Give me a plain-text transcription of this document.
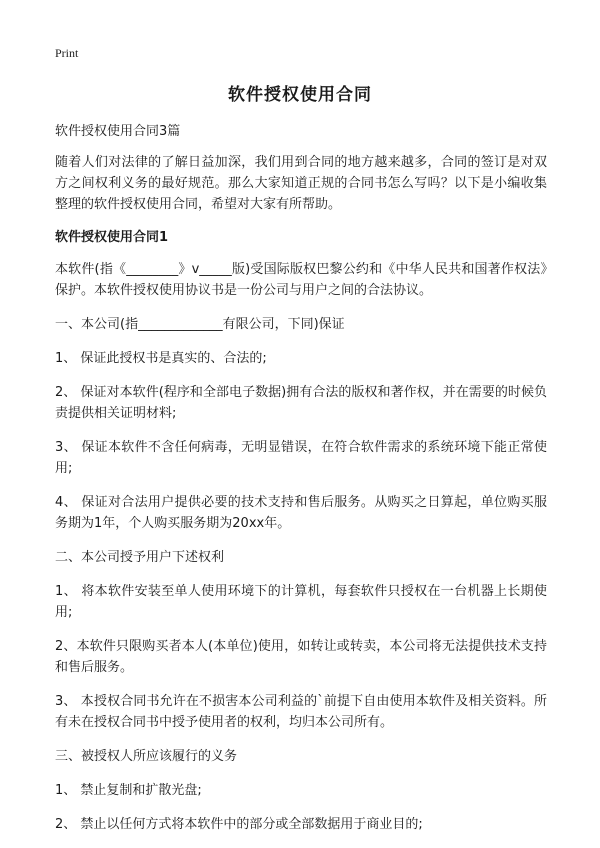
Print
软件授权使用合同

软件授权使用合同3篇

随着人们对法律的了解日益加深，我们用到合同的地方越来越多，合同的签订是对双方之间权利义务的最好规范。那么大家知道正规的合同书怎么写吗？以下是小编收集整理的软件授权使用合同，希望对大家有所帮助。

软件授权使用合同1

本软件(指《________》v_____版)受国际版权巴黎公约和《中华人民共和国著作权法》保护。本软件授权使用协议书是一份公司与用户之间的合法协议。

一、本公司(指_____________有限公司，下同)保证

1、 保证此授权书是真实的、合法的;

2、 保证对本软件(程序和全部电子数据)拥有合法的版权和著作权，并在需要的时候负责提供相关证明材料;

3、 保证本软件不含任何病毒，无明显错误，在符合软件需求的系统环境下能正常使用;

4、 保证对合法用户提供必要的技术支持和售后服务。从购买之日算起，单位购买服务期为1年，个人购买服务期为20xx年。

二、本公司授予用户下述权利

1、 将本软件安装至单人使用环境下的计算机，每套软件只授权在一台机器上长期使用;

2、本软件只限购买者本人(本单位)使用，如转让或转卖，本公司将无法提供技术支持和售后服务。

3、 本授权合同书允许在不损害本公司利益的`前提下自由使用本软件及相关资料。所有未在授权合同书中授予使用者的权利，均归本公司所有。

三、被授权人所应该履行的义务

1、 禁止复制和扩散光盘;

2、 禁止以任何方式将本软件中的部分或全部数据用于商业目的;
